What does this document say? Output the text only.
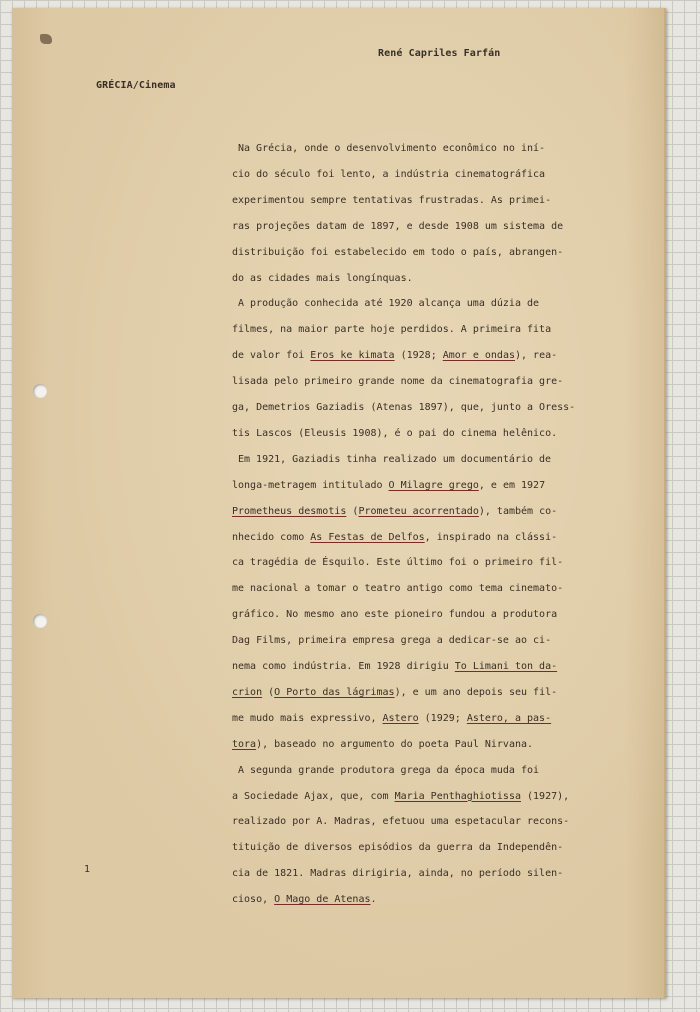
René Capriles Farfán
GRÉCIA/Cinema
1
Na Grécia, onde o desenvolvimento econômico no iní-
cio do século foi lento, a indústria cinematográfica
experimentou sempre tentativas frustradas. As primei-
ras projeções datam de 1897, e desde 1908 um sistema de
distribuição foi estabelecido em todo o país, abrangen-
do as cidades mais longínquas.
A produção conhecida até 1920 alcança uma dúzia de
filmes, na maior parte hoje perdidos. A primeira fita
de valor foi Eros ke kimata (1928; Amor e ondas), rea-
lisada pelo primeiro grande nome da cinematografia gre-
ga, Demetrios Gaziadis (Atenas 1897), que, junto a Oress-
tis Lascos (Eleusis 1908), é o pai do cinema helênico.
Em 1921, Gaziadis tinha realizado um documentário de
longa-metragem intitulado O Milagre grego, e em 1927
Prometheus desmotis (Prometeu acorrentado), também co-
nhecido como As Festas de Delfos, inspirado na clássi-
ca tragédia de Ésquilo. Este último foi o primeiro fil-
me nacional a tomar o teatro antigo como tema cinemato-
gráfico. No mesmo ano este pioneiro fundou a produtora
Dag Films, primeira empresa grega a dedicar-se ao ci-
nema como indústria. Em 1928 dirigiu To Limani ton da-
crion (O Porto das lágrimas), e um ano depois seu fil-
me mudo mais expressivo, Astero (1929; Astero, a pas-
tora), baseado no argumento do poeta Paul Nirvana.
A segunda grande produtora grega da época muda foi
a Sociedade Ajax, que, com Maria Penthaghiotissa (1927),
realizado por A. Madras, efetuou uma espetacular recons-
tituição de diversos episódios da guerra da Independên-
cia de 1821. Madras dirigiria, ainda, no período silen-
cioso, O Mago de Atenas.
